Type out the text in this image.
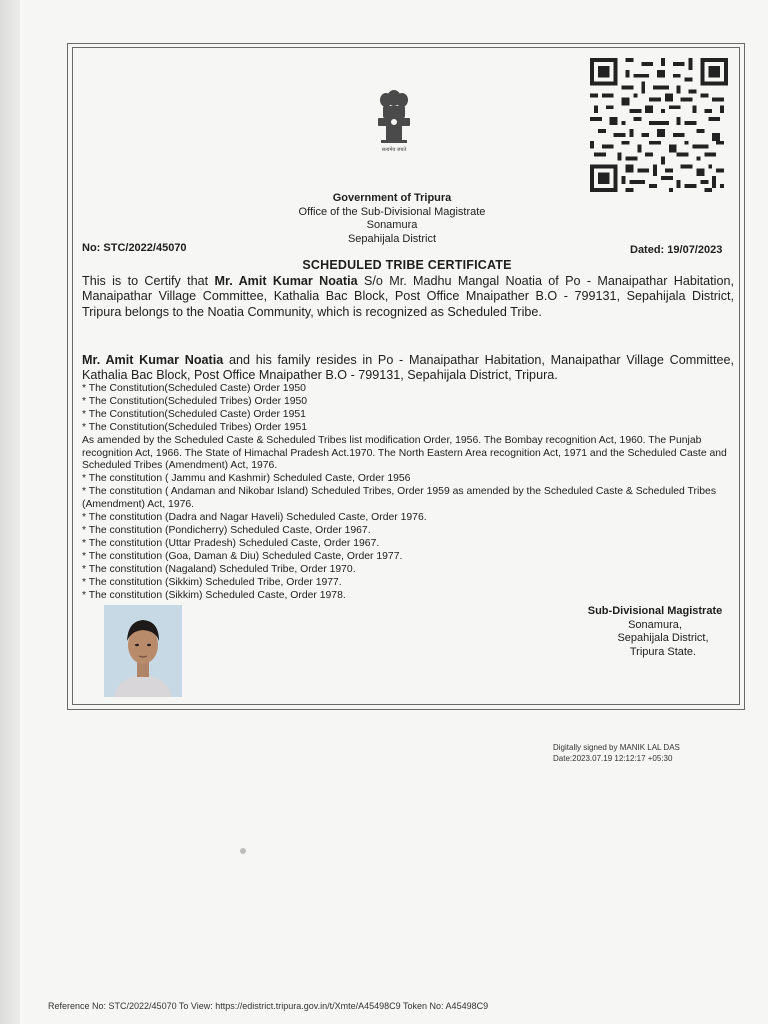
सत्यमेव जयते
Government of Tripura
Office of the Sub-Divisional Magistrate
Sonamura
Sepahijala District
No: STC/2022/45070	Dated: 19/07/2023
SCHEDULED TRIBE CERTIFICATE
This is to Certify that Mr. Amit Kumar Noatia S/o Mr. Madhu Mangal Noatia of Po - Manaipathar Habitation, Manaipathar Village Committee, Kathalia Bac Block, Post Office Mnaipather B.O - 799131, Sepahijala District, Tripura belongs to the Noatia Community, which is recognized as Scheduled Tribe.
Mr. Amit Kumar Noatia and his family resides in Po - Manaipathar Habitation, Manaipathar Village Committee, Kathalia Bac Block, Post Office Mnaipather B.O - 799131, Sepahijala District, Tripura.
* The Constitution(Scheduled Caste) Order 1950
* The Constitution(Scheduled Tribes) Order 1950
* The Constitution(Scheduled Caste) Order 1951
* The Constitution(Scheduled Tribes) Order 1951
As amended by the Scheduled Caste & Scheduled Tribes list modification Order, 1956. The Bombay recognition Act, 1960. The Punjab recognition Act, 1966. The State of Himachal Pradesh Act.1970. The North Eastern Area recognition Act, 1971 and the Scheduled Caste and Scheduled Tribes (Amendment) Act, 1976.
* The constitution ( Jammu and Kashmir) Scheduled Caste, Order 1956
* The constitution ( Andaman and Nikobar Island) Scheduled Tribes, Order 1959 as amended by the Scheduled Caste & Scheduled Tribes (Amendment) Act, 1976.
* The constitution (Dadra and Nagar Haveli) Scheduled Caste, Order 1976.
* The constitution (Pondicherry) Scheduled Caste, Order 1967.
* The constitution (Uttar Pradesh) Scheduled Caste, Order 1967.
* The constitution (Goa, Daman & Diu) Scheduled Caste, Order 1977.
* The constitution (Nagaland) Scheduled Tribe, Order 1970.
* The constitution (Sikkim) Scheduled Tribe, Order 1977.
* The constitution (Sikkim) Scheduled Caste, Order 1978.
Sub-Divisional Magistrate
Sonamura,
Sepahijala District,
Tripura State.
Digitally signed by MANIK LAL DAS
Date:2023.07.19 12:12:17 +05:30
Reference No: STC/2022/45070 To View: https://edistrict.tripura.gov.in/t/Xmte/A45498C9 Token No: A45498C9
